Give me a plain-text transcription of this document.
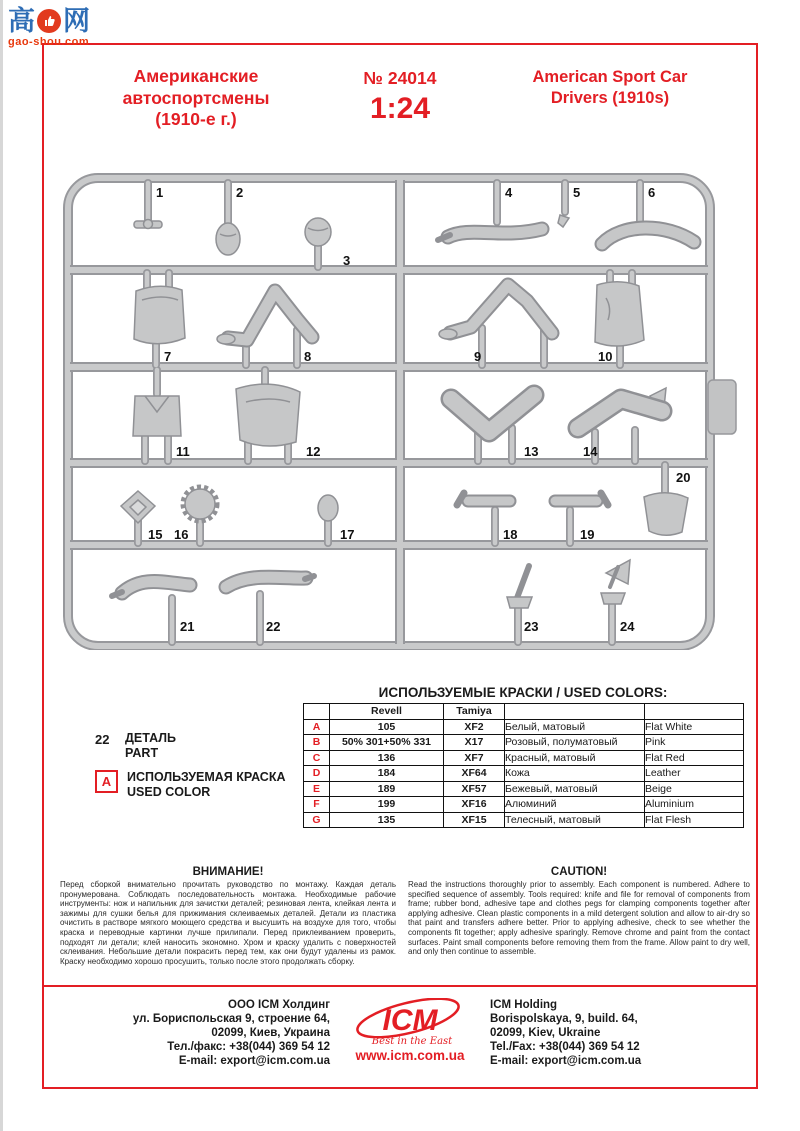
高 网
gao-shou.com
Американские
автоспортсмены
(1910-е г.)
№ 24014
1:24
American Sport Car
Drivers (1910s)
1	2
3
4	5	6
7	8	9	10
11	12	13	14
15 16	17	18	19
20
21	22	23	24
22	ДЕТАЛЬ
PART
A	ИСПОЛЬЗУЕМАЯ КРАСКА
USED COLOR
ИСПОЛЬЗУЕМЫЕ КРАСКИ / USED COLORS:
	Revell	Tamiya		
A	105	XF2	Белый, матовый	Flat White
B	50% 301+50% 331	X17	Розовый, полуматовый	Pink
C	136	XF7	Красный, матовый	Flat Red
D	184	XF64	Кожа	Leather
E	189	XF57	Бежевый, матовый	Beige
F	199	XF16	Алюминий	Aluminium
G	135	XF15	Телесный, матовый	Flat Flesh
ВНИМАНИЕ!
Перед сборкой внимательно прочитать руководство по монтажу. Каждая деталь пронумерована. Соблюдать последовательность монтажа. Необходимые рабочие инструменты: нож и напильник для зачистки деталей; резиновая лента, клейкая лента и зажимы для сушки белья для прижимания склеиваемых деталей. Детали из пластика очистить в растворе мягкого моющего средства и высушить на воздухе для того, чтобы краска и переводные картинки лучше прилипали. Перед приклеиванием проверить, подходят ли детали; клей наносить экономно. Хром и краску удалить с поверхностей склеивания. Небольшие детали покрасить перед тем, как они будут удалены из рамок. Краску необходимо хорошо просушить, только после этого продолжать сборку.
CAUTION!
Read the instructions thoroughly prior to assembly. Each component is numbered. Adhere to specified sequence of assembly. Tools required: knife and file for removal of components from frame; rubber bond, adhesive tape and clothes pegs for clamping components together after applying adhesive. Clean plastic components in a mild detergent solution and allow to air-dry so that paint and transfers adhere better. Prior to applying adhesive, check to see whether the components fit together; apply adhesive sparingly. Remove chrome and paint from the contact surfaces. Paint small components before removing them from the frame. Allow paint to dry well, and only then continue to assemble.
ООО ICM Холдинг
ул. Бориспольская 9, строение 64,
02099, Киев, Украина
Тел./факс: +38(044) 369 54 12
E-mail: export@icm.com.ua
ICM
Best in the East
www.icm.com.ua
ICM Holding
Borispolskaya, 9, build. 64,
02099, Kiev, Ukraine
Tel./Fax: +38(044) 369 54 12
E-mail: export@icm.com.ua
